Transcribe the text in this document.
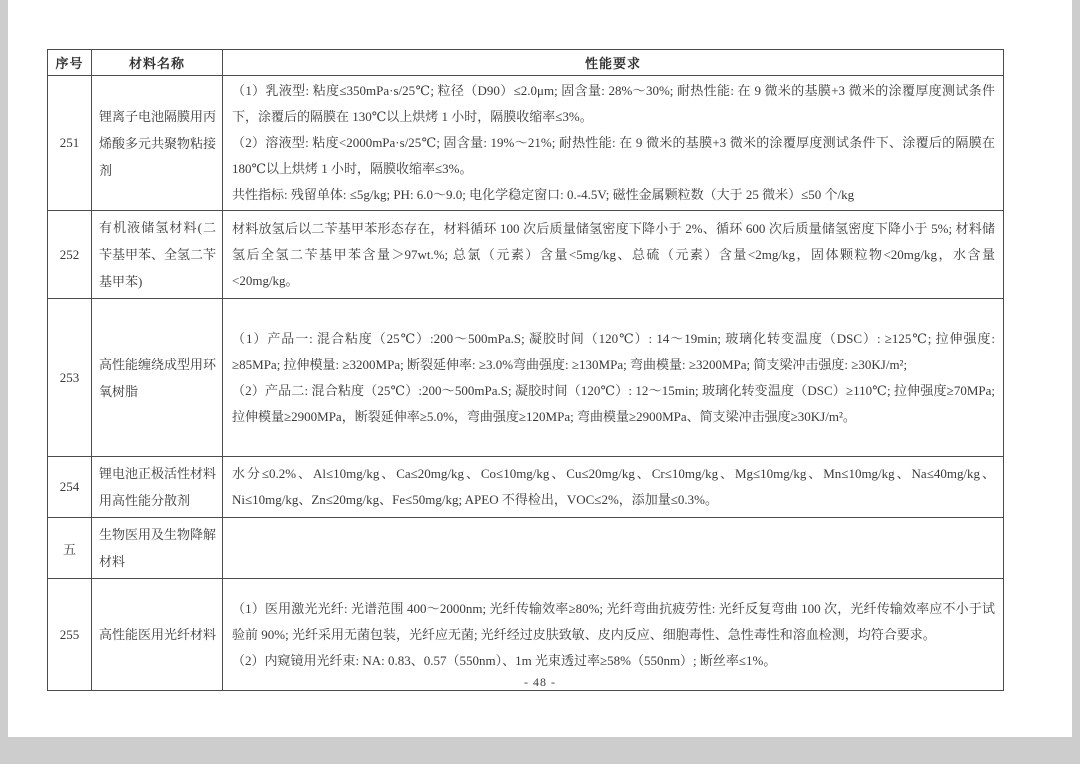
序号	材料名称	性能要求
251	锂离子电池隔膜用丙烯酸多元共聚物粘接剂	（1）乳液型: 粘度≤350mPa·s/25℃; 粒径（D90）≤2.0μm; 固含量: 28%～30%; 耐热性能: 在 9 微米的基膜+3 微米的涂覆厚度测试条件下，涂覆后的隔膜在 130℃以上烘烤 1 小时，隔膜收缩率≤3%。

（2）溶液型: 粘度<2000mPa·s/25℃; 固含量: 19%～21%; 耐热性能: 在 9 微米的基膜+3 微米的涂覆厚度测试条件下、涂覆后的隔膜在 180℃以上烘烤 1 小时，隔膜收缩率≤3%。

共性指标: 残留单体: ≤5g/kg; PH: 6.0～9.0; 电化学稳定窗口: 0.-4.5V; 磁性金属颗粒数（大于 25 微米）≤50 个/kg

252	有机液储氢材料(二苄基甲苯、全氢二苄基甲苯)	材料放氢后以二苄基甲苯形态存在，材料循环 100 次后质量储氢密度下降小于 2%、循环 600 次后质量储氢密度下降小于 5%; 材料储氢后全氢二苄基甲苯含量＞97wt.%; 总氯（元素）含量<5mg/kg、总硫（元素）含量<2mg/kg，固体颗粒物<20mg/kg，水含量<20mg/kg。

253	高性能缠绕成型用环氧树脂	（1）产品一: 混合粘度（25℃）:200～500mPa.S; 凝胶时间（120℃）: 14～19min; 玻璃化转变温度（DSC）: ≥125℃; 拉伸强度: ≥85MPa; 拉伸模量: ≥3200MPa; 断裂延伸率: ≥3.0%弯曲强度: ≥130MPa; 弯曲模量: ≥3200MPa; 简支梁冲击强度: ≥30KJ/m²;

（2）产品二: 混合粘度（25℃）:200～500mPa.S; 凝胶时间（120℃）: 12～15min; 玻璃化转变温度（DSC）≥110℃; 拉伸强度≥70MPa; 拉伸模量≥2900MPa，断裂延伸率≥5.0%，弯曲强度≥120MPa; 弯曲模量≥2900MPa、简支梁冲击强度≥30KJ/m²。

254	锂电池正极活性材料用高性能分散剂	水分≤0.2%、Al≤10mg/kg、Ca≤20mg/kg、Co≤10mg/kg、Cu≤20mg/kg、Cr≤10mg/kg、Mg≤10mg/kg、Mn≤10mg/kg、Na≤40mg/kg、Ni≤10mg/kg、Zn≤20mg/kg、Fe≤50mg/kg; APEO 不得检出，VOC≤2%，添加量≤0.3%。

五	生物医用及生物降解材料	
255	高性能医用光纤材料	（1）医用激光光纤: 光谱范围 400～2000nm; 光纤传输效率≥80%; 光纤弯曲抗疲劳性: 光纤反复弯曲 100 次，光纤传输效率应不小于试验前 90%; 光纤采用无菌包装，光纤应无菌; 光纤经过皮肤致敏、皮内反应、细胞毒性、急性毒性和溶血检测，均符合要求。

（2）内窥镜用光纤束: NA: 0.83、0.57（550nm）、1m 光束透过率≥58%（550nm）; 断丝率≤1%。

- 48 -
